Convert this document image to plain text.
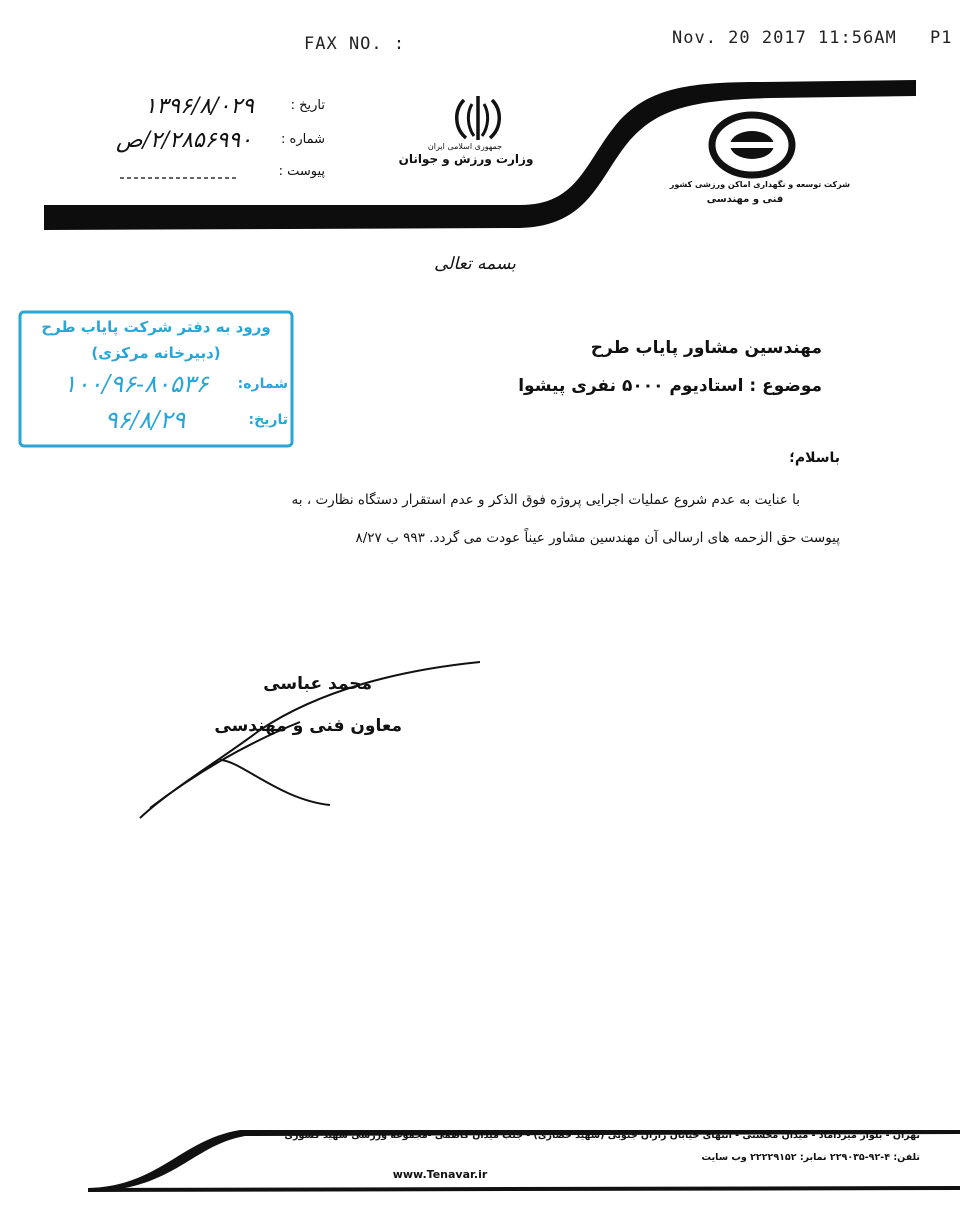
FAX NO. :	Nov. 20 2017 11:56AM P1
تاریخ :
شماره :
پیوست :
۱۳۹۶/۸/۰۲۹
۲/۲۸۵۶۹۹۰/ص	جمهوری اسلامی ایران
وزارت ورزش و جوانان
شرکت توسعه و نگهداری اماکن ورزشی کشور
فنی و مهندسی
بسمه تعالی
ورود به دفتر شرکت پایاب طرح
(دبیرخانه مرکزی)
شماره:
۱۰۰/۹۶-۸۰۵۳۶
تاریخ:
۹۶/۸/۲۹
مهندسین مشاور پایاب طرح
موضوع : استادیوم ۵۰۰۰ نفری پیشوا
باسلام؛
با عنایت به عدم شروع عملیات اجرایی پروژه فوق الذکر و عدم استقرار دستگاه نظارت ، به
پیوست حق الزحمه های ارسالی آن مهندسین مشاور عیناً عودت می گردد. ۹۹۳ ب ۸/۲۷
محمد عباسی
معاون فنی و مهندسی
تهران - بلوار میرداماد - میدان محسنی - انتهای خیابان رازان جنوبی (شهید حصاری) - جنب میدان کاظمی -مجموعه ورزشی شهید کشوری
تلفن: ۴-۹۲-۲۲۹۰۳۵ نمابر: ۲۲۲۲۹۱۵۲ وب سایت
www.Tenavar.ir
